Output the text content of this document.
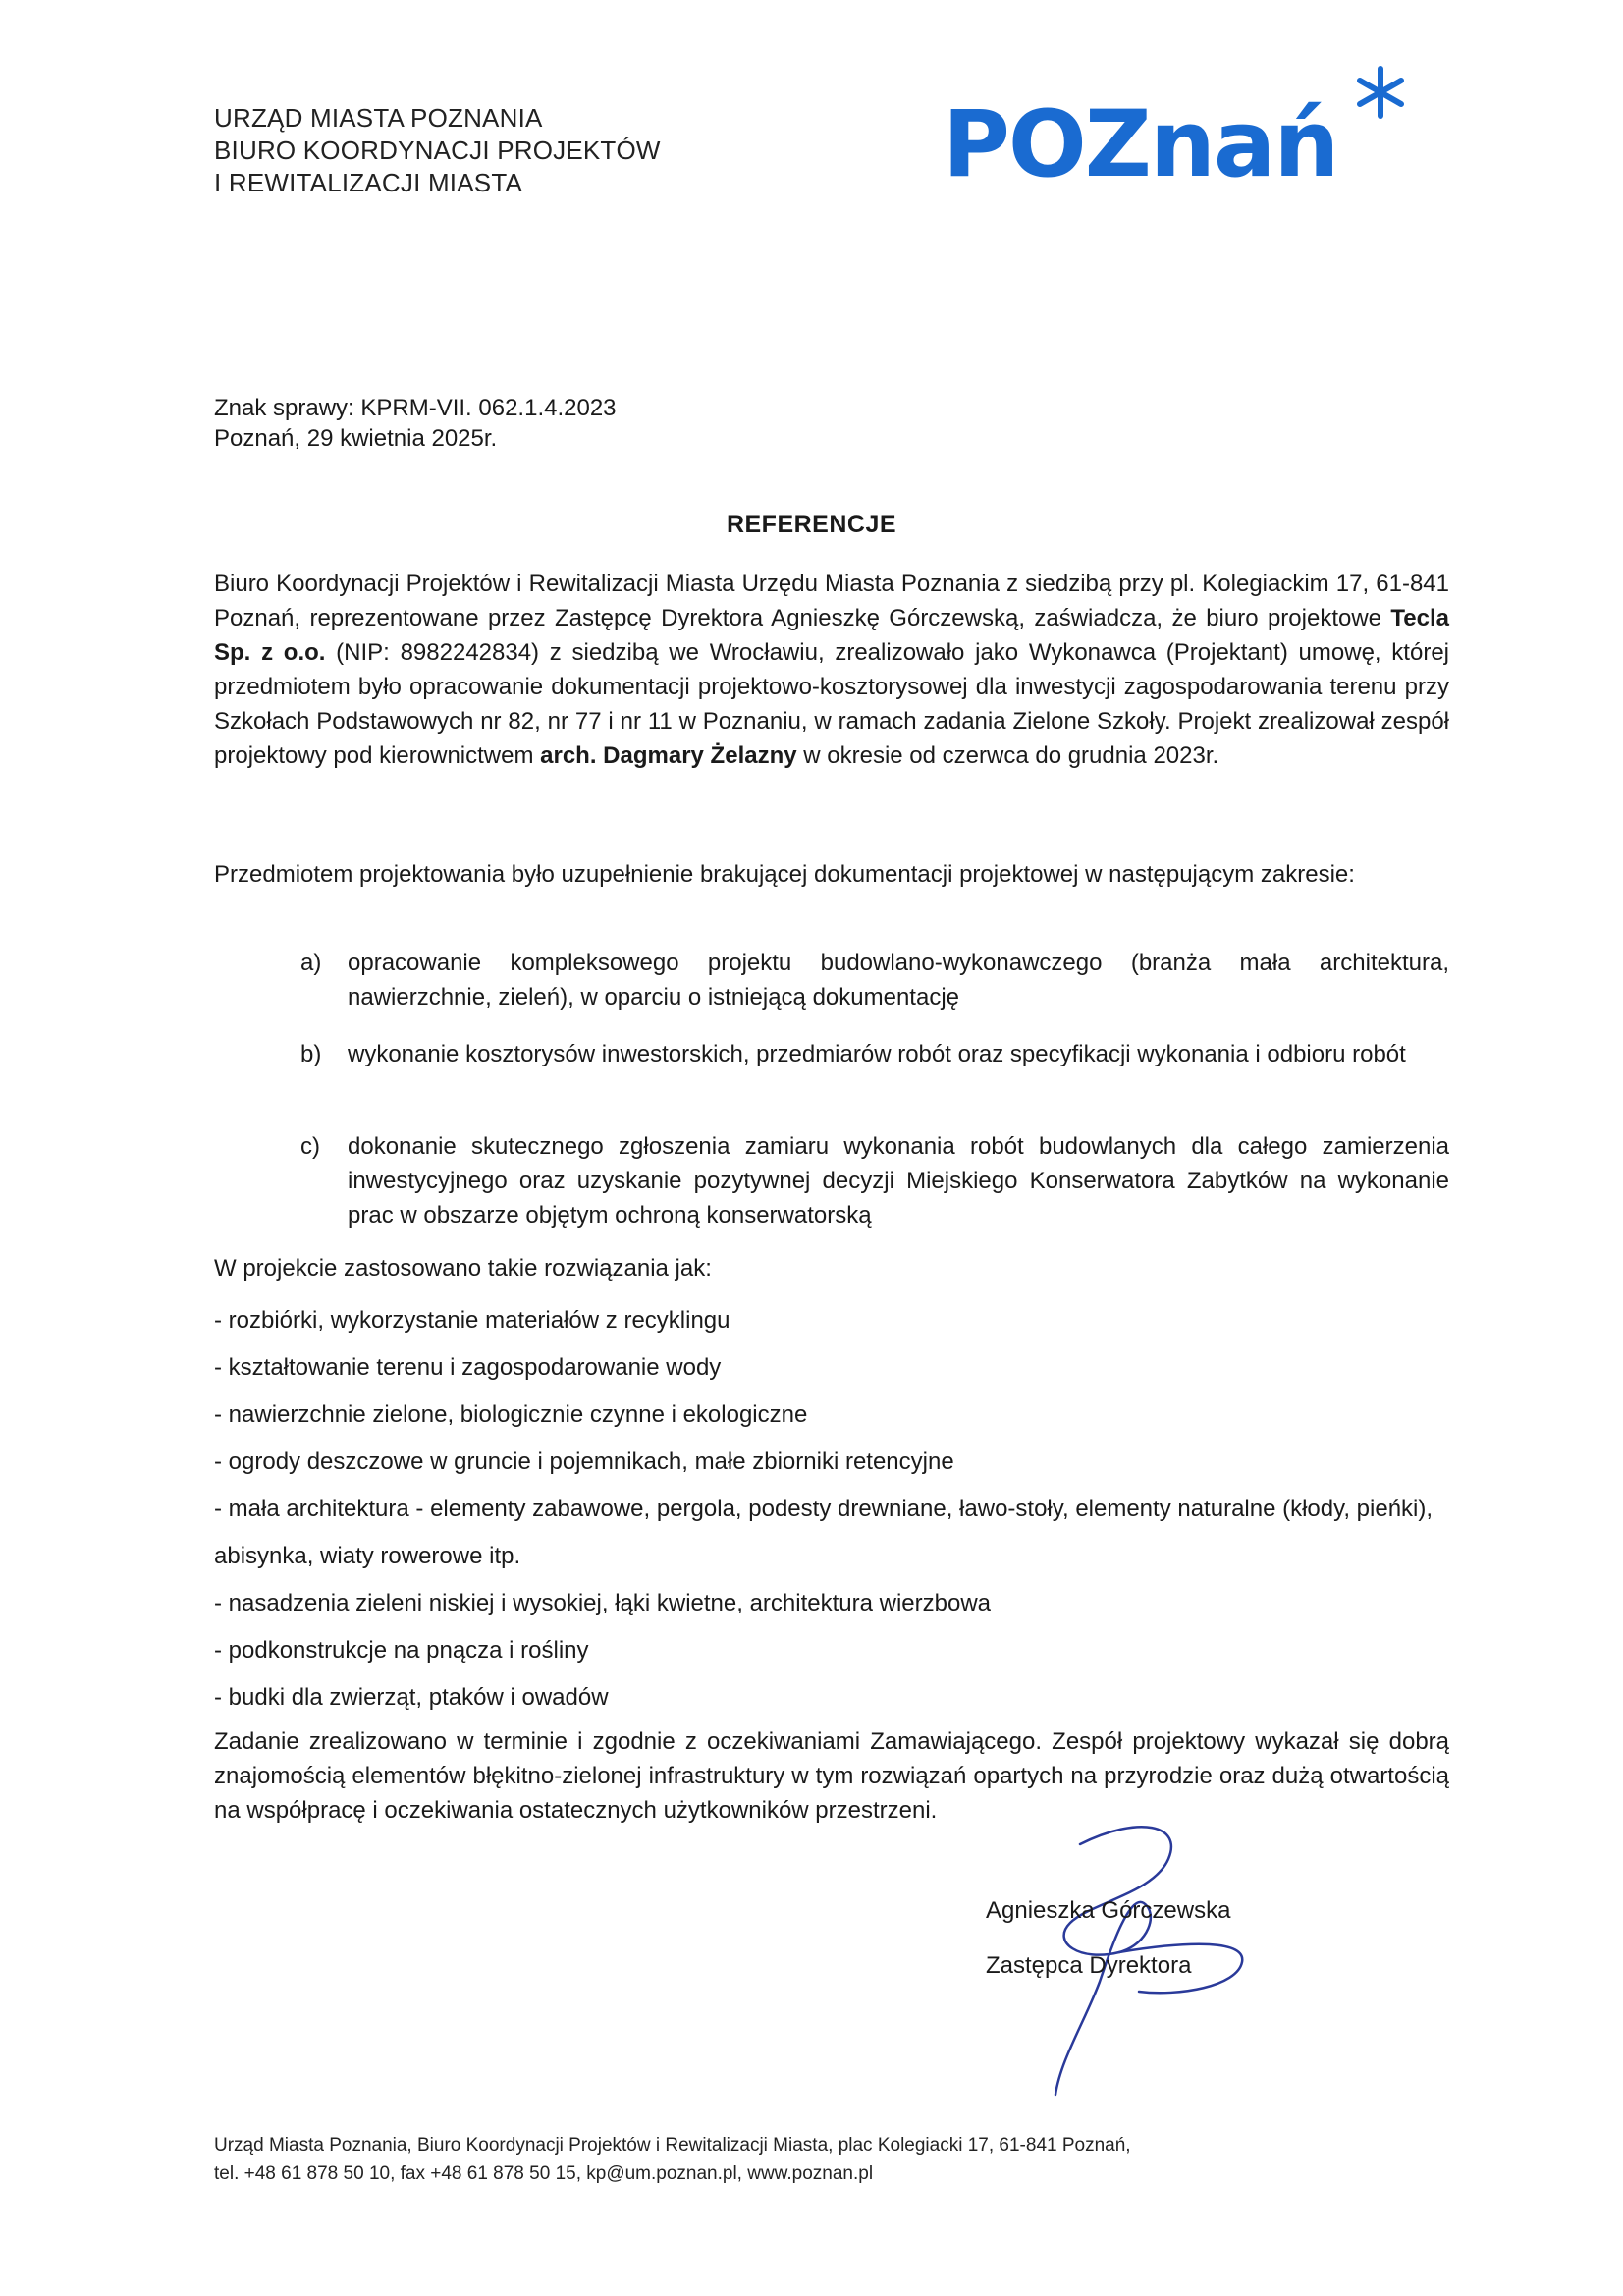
URZĄD MIASTA POZNANIA
BIURO KOORDYNACJI PROJEKTÓW
I REWITALIZACJI MIASTA	POZnań
Znak sprawy: KPRM-VII. 062.1.4.2023
Poznań, 29 kwietnia 2025r.
REFERENCJE
Biuro Koordynacji Projektów i Rewitalizacji Miasta Urzędu Miasta Poznania z siedzibą przy pl. Kolegiackim 17, 61-841 Poznań, reprezentowane przez Zastępcę Dyrektora Agnieszkę Górczewską, zaświadcza, że biuro projektowe Tecla Sp. z o.o. (NIP: 8982242834) z siedzibą we Wrocławiu, zrealizowało jako Wykonawca (Projektant) umowę, której przedmiotem było opracowanie dokumentacji projektowo-kosztorysowej dla inwestycji zagospodarowania terenu przy Szkołach Podstawowych nr 82, nr 77 i nr 11 w Poznaniu, w ramach zadania Zielone Szkoły. Projekt zrealizował zespół projektowy pod kierownictwem arch. Dagmary Żelazny w okresie od czerwca do grudnia 2023r.
Przedmiotem projektowania było uzupełnienie brakującej dokumentacji projektowej w następującym zakresie:
a) opracowanie kompleksowego projektu budowlano-wykonawczego (branża mała architektura, nawierzchnie, zieleń), w oparciu o istniejącą dokumentację
b) wykonanie kosztorysów inwestorskich, przedmiarów robót oraz specyfikacji wykonania i odbioru robót
c) dokonanie skutecznego zgłoszenia zamiaru wykonania robót budowlanych dla całego zamierzenia inwestycyjnego oraz uzyskanie pozytywnej decyzji Miejskiego Konserwatora Zabytków na wykonanie prac w obszarze objętym ochroną konserwatorską
W projekcie zastosowano takie rozwiązania jak:
- rozbiórki, wykorzystanie materiałów z recyklingu
- kształtowanie terenu i zagospodarowanie wody
- nawierzchnie zielone, biologicznie czynne i ekologiczne
- ogrody deszczowe w gruncie i pojemnikach, małe zbiorniki retencyjne
- mała architektura - elementy zabawowe, pergola, podesty drewniane, ławo-stoły, elementy naturalne (kłody, pieńki), abisynka, wiaty rowerowe itp.
- nasadzenia zieleni niskiej i wysokiej, łąki kwietne, architektura wierzbowa
- podkonstrukcje na pnącza i rośliny
- budki dla zwierząt, ptaków i owadów
Zadanie zrealizowano w terminie i zgodnie z oczekiwaniami Zamawiającego. Zespół projektowy wykazał się dobrą znajomością elementów błękitno-zielonej infrastruktury w tym rozwiązań opartych na przyrodzie oraz dużą otwartością na współpracę i oczekiwania ostatecznych użytkowników przestrzeni.
Agnieszka Górczewska
Zastępca Dyrektora
Urząd Miasta Poznania, Biuro Koordynacji Projektów i Rewitalizacji Miasta, plac Kolegiacki 17, 61-841 Poznań,
tel. +48 61 878 50 10, fax +48 61 878 50 15, kp@um.poznan.pl, www.poznan.pl
